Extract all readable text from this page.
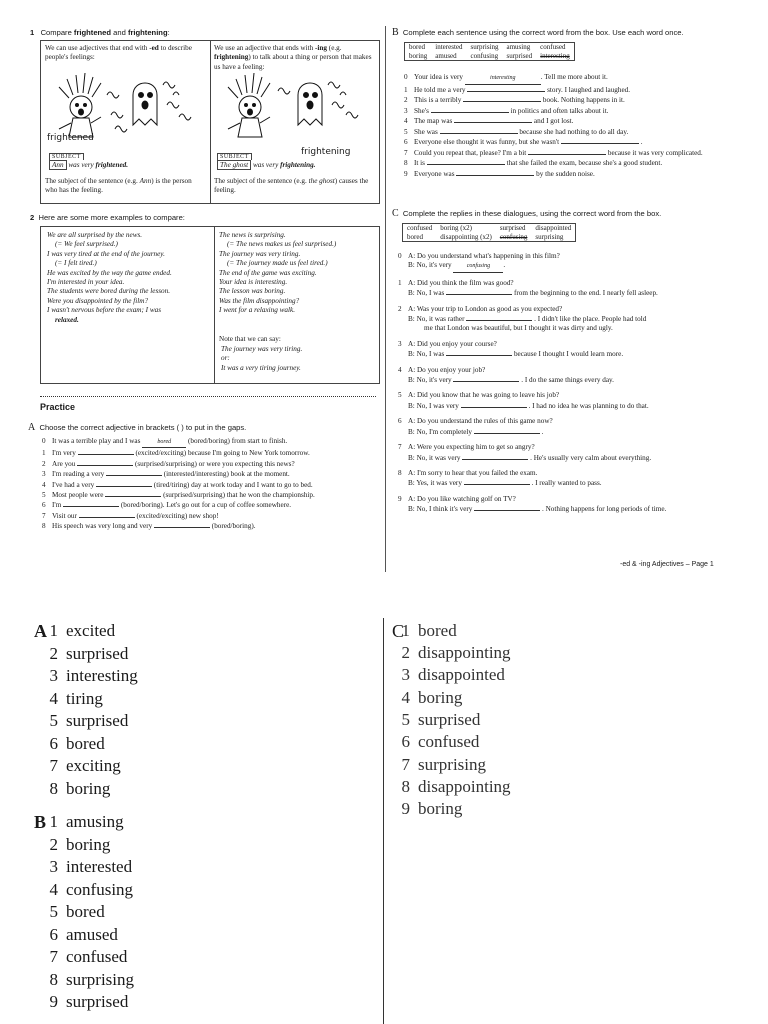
1 Compare frightened and frightening:
We can use adjectives that end with -ed to describe people's feelings:
We use an adjective that ends with -ing (e.g. frightening) to talk about a thing or person that makes us have a feeling:
frightened
frightening
SUBJECT
Ann was very frightened.
SUBJECT
The ghost was very frightening.
The subject of the sentence (e.g. Ann) is the person who has the feeling.
The subject of the sentence (e.g. the ghost) causes the feeling.
2 Here are some more examples to compare:
We are all surprised by the news.
(= We feel surprised.)
I was very tired at the end of the journey.
(= I felt tired.)
He was excited by the way the game ended.
I'm interested in your idea.
The students were bored during the lesson.
Were you disappointed by the film?
I wasn't nervous before the exam; I was
relaxed.
The news is surprising.
(= The news makes us feel surprised.)
The journey was very tiring.
(= The journey made us feel tired.)
The end of the game was exciting.
Your idea is interesting.
The lesson was boring.
Was the film disappointing?
I went for a relaxing walk.
Note that we can say:
The journey was very tiring.
or:
It was a very tiring journey.
Practice
A Choose the correct adjective in brackets ( ) to put in the gaps.
0 It was a terrible play and I was	bored (bored/boring) from start to finish.
1 I'm very	(excited/exciting) because I'm going to New York tomorrow.
2 Are you	(surprised/surprising) or were you expecting this news?
3 I'm reading a very	(interested/interesting) book at the moment.
4 I've had a very	(tired/tiring) day at work today and I want to go to bed.
5 Most people were	(surprised/surprising) that he won the championship.
6 I'm	(bored/boring). Let's go out for a cup of coffee somewhere.
7 Visit our	(excited/exciting) new shop!
8 His speech was very long and very	(bored/boring).
B Complete each sentence using the correct word from the box. Use each word once.
bored	interested	surprising	amusing	confused
boring	amused	confusing	surprised	interesting
0 Your idea is very	interesting	. Tell me more about it.
1 He told me a very	story. I laughed and laughed.
2 This is a terribly	book. Nothing happens in it.
3 She's	in politics and often talks about it.
4 The map was	and I got lost.
5 She was	because she had nothing to do all day.
6 Everyone else thought it was funny, but she wasn't	.
7 Could you repeat that, please? I'm a bit	because it was very complicated.
8 It is	that she failed the exam, because she's a good student.
9 Everyone was	by the sudden noise.
C Complete the replies in these dialogues, using the correct word from the box.
confused	boring (x2)	surprised	disappointed
bored	disappointing (x2)	confusing	surprising
0 A: Do you understand what's happening in this film?
B: No, it's very	confusing .
1 A: Did you think the film was good?
B: No, I was	from the beginning to the end. I nearly fell asleep.
2 A: Was your trip to London as good as you expected?
B: No, it was rather	. I didn't like the place. People had told
me that London was beautiful, but I thought it was dirty and ugly.
3 A: Did you enjoy your course?
B: No, I was	because I thought I would learn more.
4 A: Do you enjoy your job?
B: No, it's very	. I do the same things every day.
5 A: Did you know that he was going to leave his job?
B: No, I was very	. I had no idea he was planning to do that.
6 A: Do you understand the rules of this game now?
B: No, I'm completely	.
7 A: Were you expecting him to get so angry?
B: No, it was very	. He's usually very calm about everything.
8 A: I'm sorry to hear that you failed the exam.
B: Yes, it was very	. I really wanted to pass.
9 A: Do you like watching golf on TV?
B: No, I think it's very	. Nothing happens for long periods of time.
-ed & -ing Adjectives – Page 1
A 1 excited
2 surprised
3 interesting
4 tiring
5 surprised
6 bored
7 exciting
8 boring
B 1 amusing
2 boring
3 interested
4 confusing
5 bored
6 amused
7 confused
8 surprising
9 surprised
C
1 bored
2 disappointing
3 disappointed
4 boring
5 surprised
6 confused
7 surprising
8 disappointing
9 boring
